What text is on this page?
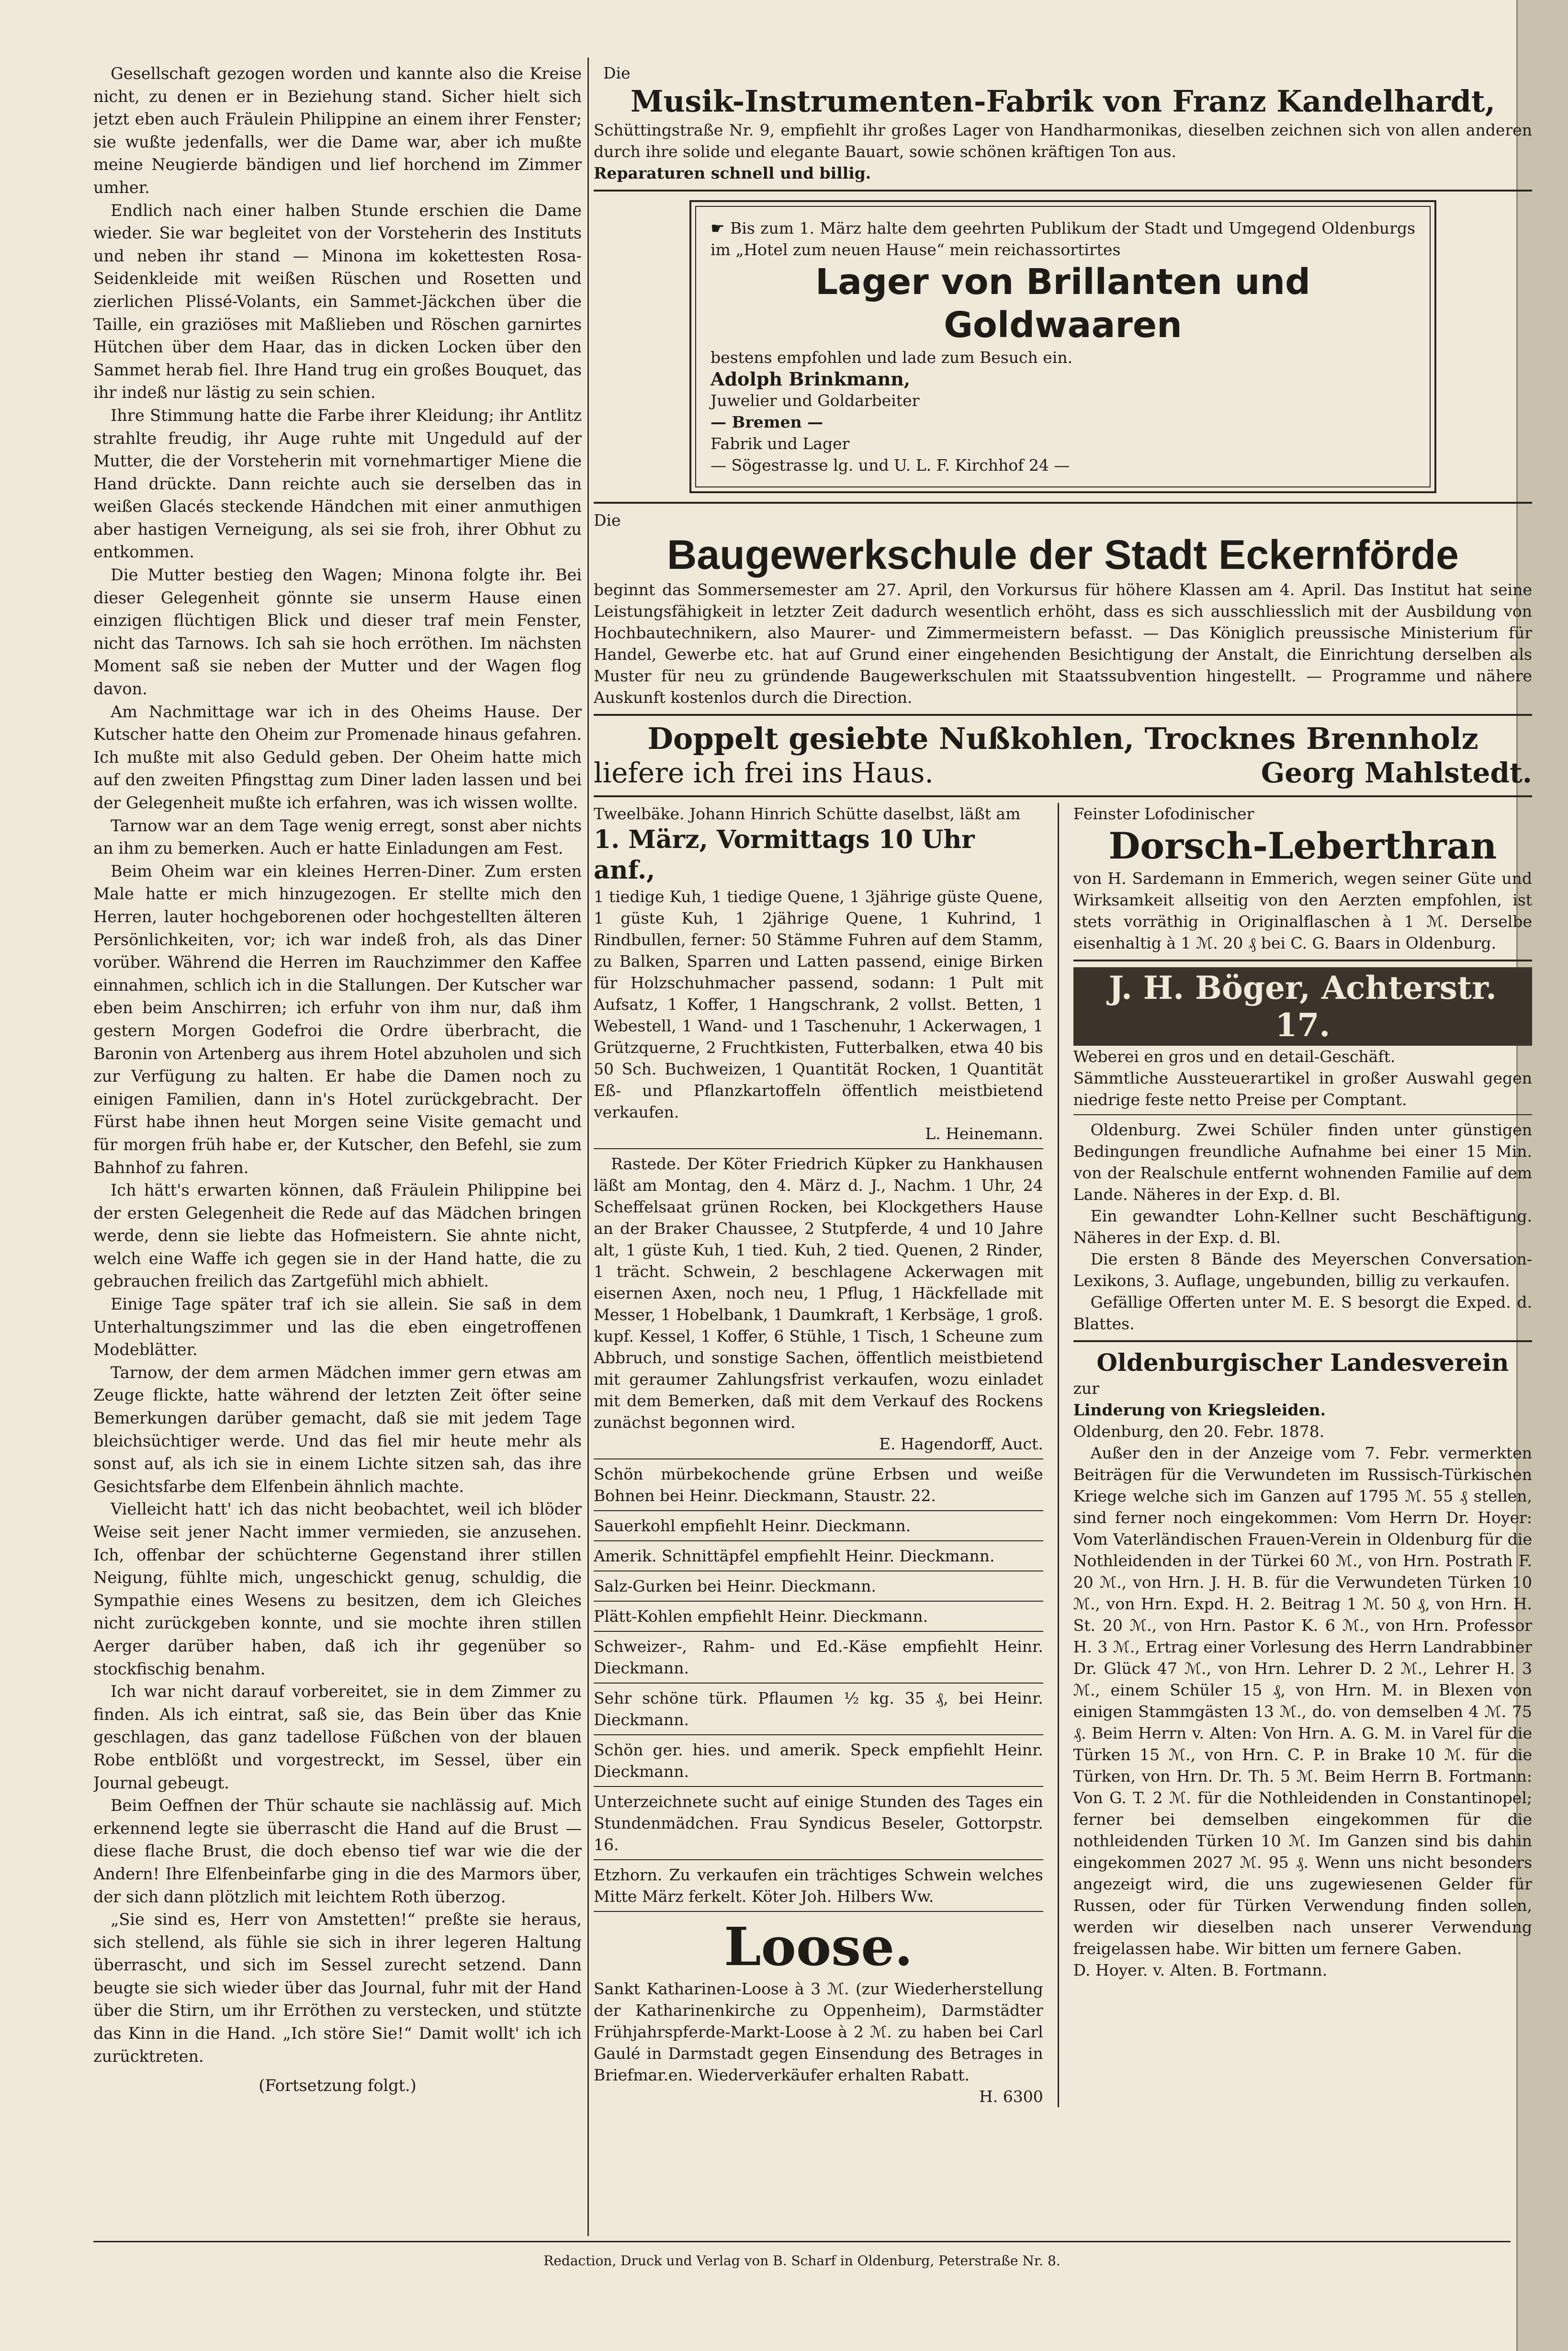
Gesellschaft gezogen worden und kannte also die Kreise nicht, zu denen er in Beziehung stand. Sicher hielt sich jetzt eben auch Fräulein Philippine an einem ihrer Fenster; sie wußte jedenfalls, wer die Dame war, aber ich mußte meine Neugierde bändigen und lief horchend im Zimmer umher.

Endlich nach einer halben Stunde erschien die Dame wieder. Sie war begleitet von der Vorsteherin des Instituts und neben ihr stand — Minona im kokettesten Rosa-Seidenkleide mit weißen Rüschen und Rosetten und zierlichen Plissé-Volants, ein Sammet-Jäckchen über die Taille, ein graziöses mit Maßlieben und Röschen garnirtes Hütchen über dem Haar, das in dicken Locken über den Sammet herab fiel. Ihre Hand trug ein großes Bouquet, das ihr indeß nur lästig zu sein schien.

Ihre Stimmung hatte die Farbe ihrer Kleidung; ihr Antlitz strahlte freudig, ihr Auge ruhte mit Ungeduld auf der Mutter, die der Vorsteherin mit vornehmartiger Miene die Hand drückte. Dann reichte auch sie derselben das in weißen Glacés steckende Händchen mit einer anmuthigen aber hastigen Verneigung, als sei sie froh, ihrer Obhut zu entkommen.

Die Mutter bestieg den Wagen; Minona folgte ihr. Bei dieser Gelegenheit gönnte sie unserm Hause einen einzigen flüchtigen Blick und dieser traf mein Fenster, nicht das Tarnows. Ich sah sie hoch erröthen. Im nächsten Moment saß sie neben der Mutter und der Wagen flog davon.

Am Nachmittage war ich in des Oheims Hause. Der Kutscher hatte den Oheim zur Promenade hinaus gefahren. Ich mußte mit also Geduld geben. Der Oheim hatte mich auf den zweiten Pfingsttag zum Diner laden lassen und bei der Gelegenheit mußte ich erfahren, was ich wissen wollte.

Tarnow war an dem Tage wenig erregt, sonst aber nichts an ihm zu bemerken. Auch er hatte Einladungen am Fest.

Beim Oheim war ein kleines Herren-Diner. Zum ersten Male hatte er mich hinzugezogen. Er stellte mich den Herren, lauter hochgeborenen oder hochgestellten älteren Persönlichkeiten, vor; ich war indeß froh, als das Diner vorüber. Während die Herren im Rauchzimmer den Kaffee einnahmen, schlich ich in die Stallungen. Der Kutscher war eben beim Anschirren; ich erfuhr von ihm nur, daß ihm gestern Morgen Godefroi die Ordre überbracht, die Baronin von Artenberg aus ihrem Hotel abzuholen und sich zur Verfügung zu halten. Er habe die Damen noch zu einigen Familien, dann in's Hotel zurückgebracht. Der Fürst habe ihnen heut Morgen seine Visite gemacht und für morgen früh habe er, der Kutscher, den Befehl, sie zum Bahnhof zu fahren.

Ich hätt's erwarten können, daß Fräulein Philippine bei der ersten Gelegenheit die Rede auf das Mädchen bringen werde, denn sie liebte das Hofmeistern. Sie ahnte nicht, welch eine Waffe ich gegen sie in der Hand hatte, die zu gebrauchen freilich das Zartgefühl mich abhielt.

Einige Tage später traf ich sie allein. Sie saß in dem Unterhaltungszimmer und las die eben eingetroffenen Modeblätter.

Tarnow, der dem armen Mädchen immer gern etwas am Zeuge flickte, hatte während der letzten Zeit öfter seine Bemerkungen darüber gemacht, daß sie mit jedem Tage bleichsüchtiger werde. Und das fiel mir heute mehr als sonst auf, als ich sie in einem Lichte sitzen sah, das ihre Gesichtsfarbe dem Elfenbein ähnlich machte.

Vielleicht hatt' ich das nicht beobachtet, weil ich blöder Weise seit jener Nacht immer vermieden, sie anzusehen. Ich, offenbar der schüchterne Gegenstand ihrer stillen Neigung, fühlte mich, ungeschickt genug, schuldig, die Sympathie eines Wesens zu besitzen, dem ich Gleiches nicht zurückgeben konnte, und sie mochte ihren stillen Aerger darüber haben, daß ich ihr gegenüber so stockfischig benahm.

Ich war nicht darauf vorbereitet, sie in dem Zimmer zu finden. Als ich eintrat, saß sie, das Bein über das Knie geschlagen, das ganz tadellose Füßchen von der blauen Robe entblößt und vorgestreckt, im Sessel, über ein Journal gebeugt.

Beim Oeffnen der Thür schaute sie nachlässig auf. Mich erkennend legte sie überrascht die Hand auf die Brust — diese flache Brust, die doch ebenso tief war wie die der Andern! Ihre Elfenbeinfarbe ging in die des Marmors über, der sich dann plötzlich mit leichtem Roth überzog.

„Sie sind es, Herr von Amstetten!“ preßte sie heraus, sich stellend, als fühle sie sich in ihrer legeren Haltung überrascht, und sich im Sessel zurecht setzend. Dann beugte sie sich wieder über das Journal, fuhr mit der Hand über die Stirn, um ihr Erröthen zu verstecken, und stützte das Kinn in die Hand. „Ich störe Sie!“ Damit wollt' ich ich zurücktreten.

(Fortsetzung folgt.)

Die

Musik-Instrumenten-Fabrik von Franz Kandelhardt,

Schüttingstraße Nr. 9, empfiehlt ihr großes Lager von Handharmonikas, dieselben zeichnen sich von allen anderen durch ihre solide und elegante Bauart, sowie schönen kräftigen Ton aus.

Reparaturen schnell und billig.

☛ Bis zum 1. März halte dem geehrten Publikum der Stadt und Umgegend Oldenburgs im „Hotel zum neuen Hause“ mein reichassortirtes

Lager von Brillanten und Goldwaaren

bestens empfohlen und lade zum Besuch ein.

Adolph Brinkmann,

Juwelier und Goldarbeiter

— Bremen —

Fabrik und Lager

— Sögestrasse lg. und U. L. F. Kirchhof 24 —

Die

Baugewerkschule der Stadt Eckernförde

beginnt das Sommersemester am 27. April, den Vorkursus für höhere Klassen am 4. April. Das Institut hat seine Leistungsfähigkeit in letzter Zeit dadurch wesentlich erhöht, dass es sich ausschliesslich mit der Ausbildung von Hochbautechnikern, also Maurer- und Zimmermeistern befasst. — Das Königlich preussische Ministerium für Handel, Gewerbe etc. hat auf Grund einer eingehenden Besichtigung der Anstalt, die Einrichtung derselben als Muster für neu zu gründende Baugewerkschulen mit Staatssubvention hingestellt. — Programme und nähere Auskunft kostenlos durch die Direction.

Doppelt gesiebte Nußkohlen, Trocknes Brennholz

liefere ich frei ins Haus.	Georg Mahlstedt.

Tweelbäke. Johann Hinrich Schütte daselbst, läßt am

1. März, Vormittags 10 Uhr anf.,

1 tiedige Kuh, 1 tiedige Quene, 1 3jährige güste Quene, 1 güste Kuh, 1 2jährige Quene, 1 Kuhrind, 1 Rindbullen, ferner: 50 Stämme Fuhren auf dem Stamm, zu Balken, Sparren und Latten passend, einige Birken für Holzschuhmacher passend, sodann: 1 Pult mit Aufsatz, 1 Koffer, 1 Hangschrank, 2 vollst. Betten, 1 Webestell, 1 Wand- und 1 Taschenuhr, 1 Ackerwagen, 1 Grützquerne, 2 Fruchtkisten, Futterbalken, etwa 40 bis 50 Sch. Buchweizen, 1 Quantität Rocken, 1 Quantität Eß- und Pflanzkartoffeln öffentlich meistbietend verkaufen.

L. Heinemann.

Rastede. Der Köter Friedrich Küpker zu Hankhausen läßt am Montag, den 4. März d. J., Nachm. 1 Uhr, 24 Scheffelsaat grünen Rocken, bei Klockgethers Hause an der Braker Chaussee, 2 Stutpferde, 4 und 10 Jahre alt, 1 güste Kuh, 1 tied. Kuh, 2 tied. Quenen, 2 Rinder, 1 trächt. Schwein, 2 beschlagene Ackerwagen mit eisernen Axen, noch neu, 1 Pflug, 1 Häckfellade mit Messer, 1 Hobelbank, 1 Daumkraft, 1 Kerbsäge, 1 groß. kupf. Kessel, 1 Koffer, 6 Stühle, 1 Tisch, 1 Scheune zum Abbruch, und sonstige Sachen, öffentlich meistbietend mit geraumer Zahlungsfrist verkaufen, wozu einladet mit dem Bemerken, daß mit dem Verkauf des Rockens zunächst begonnen wird.

E. Hagendorff, Auct.

Schön mürbekochende grüne Erbsen und weiße Bohnen bei Heinr. Dieckmann, Staustr. 22.

Sauerkohl empfiehlt Heinr. Dieckmann.

Amerik. Schnittäpfel empfiehlt Heinr. Dieckmann.

Salz-Gurken bei Heinr. Dieckmann.

Plätt-Kohlen empfiehlt Heinr. Dieckmann.

Schweizer-, Rahm- und Ed.-Käse empfiehlt Heinr. Dieckmann.

Sehr schöne türk. Pflaumen ½ kg. 35 ₰, bei Heinr. Dieckmann.

Schön ger. hies. und amerik. Speck empfiehlt Heinr. Dieckmann.

Unterzeichnete sucht auf einige Stunden des Tages ein Stundenmädchen. Frau Syndicus Beseler, Gottorpstr. 16.

Etzhorn. Zu verkaufen ein trächtiges Schwein welches Mitte März ferkelt. Köter Joh. Hilbers Ww.

Loose.

Sankt Katharinen-Loose à 3 ℳ. (zur Wiederherstellung der Katharinenkirche zu Oppenheim), Darmstädter Frühjahrspferde-Markt-Loose à 2 ℳ. zu haben bei Carl Gaulé in Darmstadt gegen Einsendung des Betrages in Briefmar.en. Wiederverkäufer erhalten Rabatt.

H. 6300

Feinster Lofodinischer

Dorsch-Leberthran

von H. Sardemann in Emmerich, wegen seiner Güte und Wirksamkeit allseitig von den Aerzten empfohlen, ist stets vorräthig in Originalflaschen à 1 ℳ. Derselbe eisenhaltig à 1 ℳ. 20 ₰ bei C. G. Baars in Oldenburg.

J. H. Böger, Achterstr. 17.

Weberei en gros und en detail-Geschäft.

Sämmtliche Aussteuerartikel in großer Auswahl gegen niedrige feste netto Preise per Comptant.

Oldenburg. Zwei Schüler finden unter günstigen Bedingungen freundliche Aufnahme bei einer 15 Min. von der Realschule entfernt wohnenden Familie auf dem Lande. Näheres in der Exp. d. Bl.

Ein gewandter Lohn-Kellner sucht Beschäftigung. Näheres in der Exp. d. Bl.

Die ersten 8 Bände des Meyerschen Conversation-Lexikons, 3. Auflage, ungebunden, billig zu verkaufen.

Gefällige Offerten unter M. E. S besorgt die Exped. d. Blattes.

Oldenburgischer Landesverein

zur

Linderung von Kriegsleiden.

Oldenburg, den 20. Febr. 1878.

Außer den in der Anzeige vom 7. Febr. vermerkten Beiträgen für die Verwundeten im Russisch-Türkischen Kriege welche sich im Ganzen auf 1795 ℳ. 55 ₰ stellen, sind ferner noch eingekommen: Vom Herrn Dr. Hoyer: Vom Vaterländischen Frauen-Verein in Oldenburg für die Nothleidenden in der Türkei 60 ℳ., von Hrn. Postrath F. 20 ℳ., von Hrn. J. H. B. für die Verwundeten Türken 10 ℳ., von Hrn. Expd. H. 2. Beitrag 1 ℳ. 50 ₰, von Hrn. H. St. 20 ℳ., von Hrn. Pastor K. 6 ℳ., von Hrn. Professor H. 3 ℳ., Ertrag einer Vorlesung des Herrn Landrabbiner Dr. Glück 47 ℳ., von Hrn. Lehrer D. 2 ℳ., Lehrer H. 3 ℳ., einem Schüler 15 ₰, von Hrn. M. in Blexen von einigen Stammgästen 13 ℳ., do. von demselben 4 ℳ. 75 ₰. Beim Herrn v. Alten: Von Hrn. A. G. M. in Varel für die Türken 15 ℳ., von Hrn. C. P. in Brake 10 ℳ. für die Türken, von Hrn. Dr. Th. 5 ℳ. Beim Herrn B. Fortmann: Von G. T. 2 ℳ. für die Nothleidenden in Constantinopel; ferner bei demselben eingekommen für die nothleidenden Türken 10 ℳ. Im Ganzen sind bis dahin eingekommen 2027 ℳ. 95 ₰. Wenn uns nicht besonders angezeigt wird, die uns zugewiesenen Gelder für Russen, oder für Türken Verwendung finden sollen, werden wir dieselben nach unserer Verwendung freigelassen habe. Wir bitten um fernere Gaben.

D. Hoyer. v. Alten. B. Fortmann.

Redaction, Druck und Verlag von B. Scharf in Oldenburg, Peterstraße Nr. 8.
